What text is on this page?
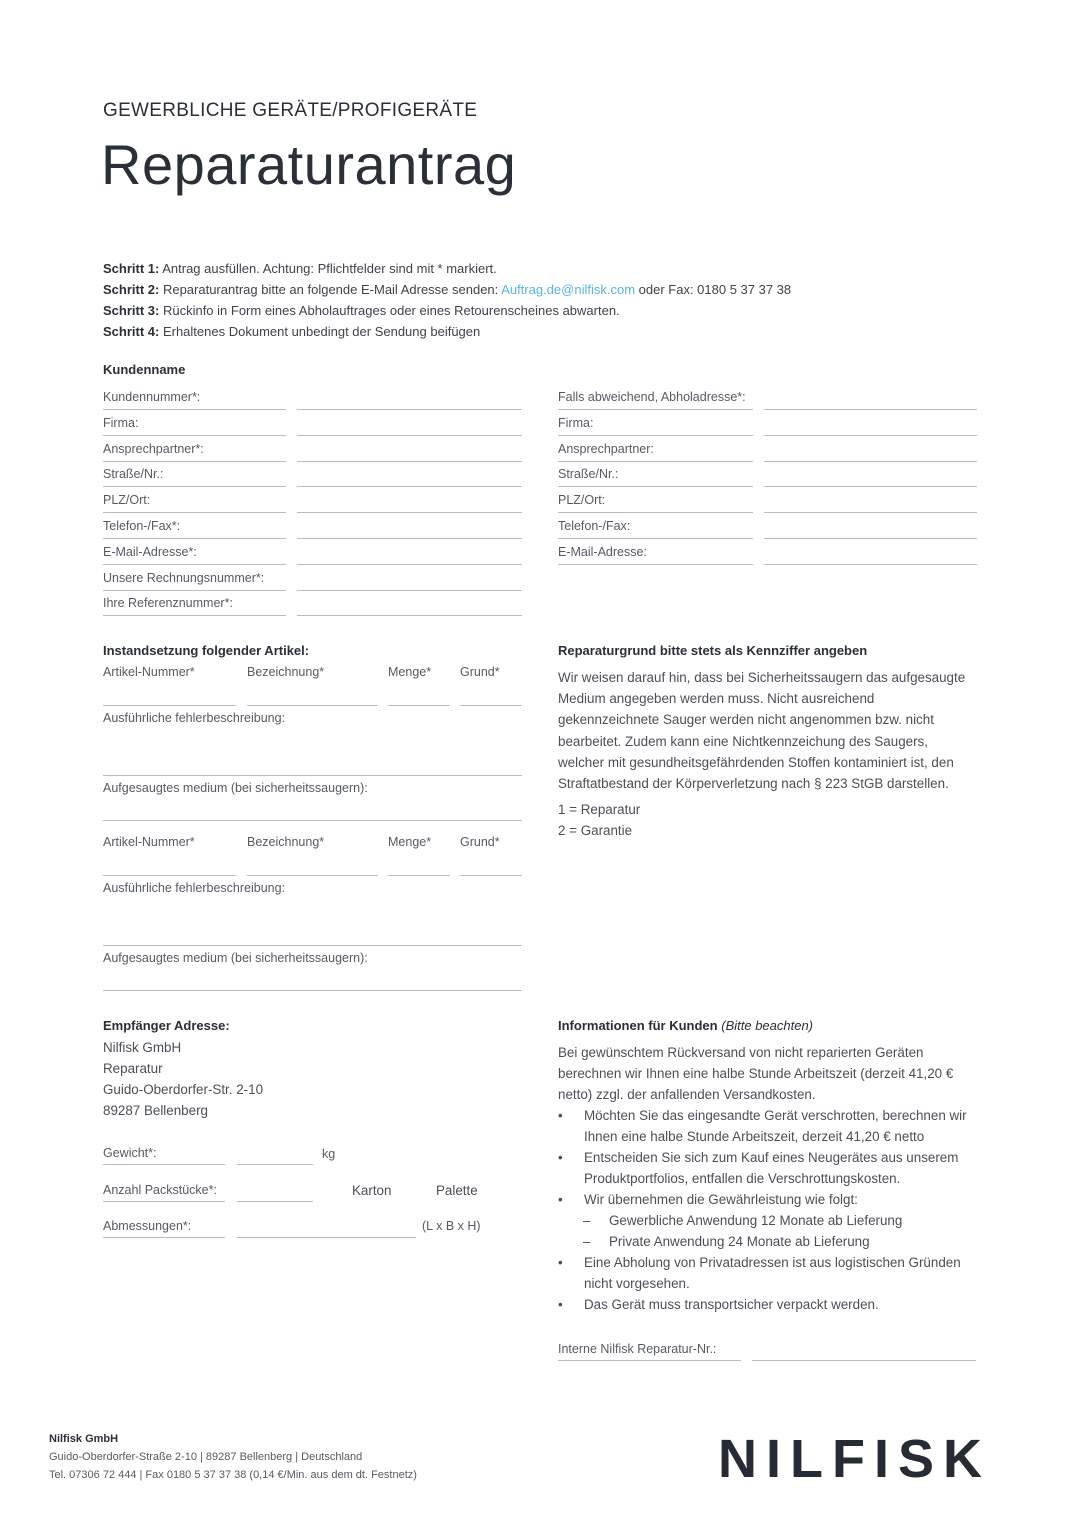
GEWERBLICHE GERÄTE/PROFIGERÄTE
Reparaturantrag
Schritt 1: Antrag ausfüllen. Achtung: Pflichtfelder sind mit * markiert.
Schritt 2: Reparaturantrag bitte an folgende E-Mail Adresse senden: Auftrag.de@nilfisk.com oder Fax: 0180 5 37 37 38
Schritt 3: Rückinfo in Form eines Abholauftrages oder eines Retourenscheines abwarten.
Schritt 4: Erhaltenes Dokument unbedingt der Sendung beifügen
Kundenname
Kundennummer*:
Firma:
Ansprechpartner*:
Straße/Nr.:
PLZ/Ort:
Telefon-/Fax*:
E-Mail-Adresse*:
Unsere Rechnungsnummer*:
Ihre Referenznummer*:
Falls abweichend, Abholadresse*:
Firma:
Ansprechpartner:
Straße/Nr.:
PLZ/Ort:
Telefon-/Fax:
E-Mail-Adresse:
Instandsetzung folgender Artikel:
Artikel-Nummer*	Bezeichnung*	Menge* Grund*
Ausführliche fehlerbeschreibung:
Aufgesaugtes medium (bei sicherheitssaugern):
Artikel-Nummer*	Bezeichnung*	Menge* Grund*
Ausführliche fehlerbeschreibung:
Aufgesaugtes medium (bei sicherheitssaugern):
Reparaturgrund bitte stets als Kennziffer angeben
Wir weisen darauf hin, dass bei Sicherheitssaugern das aufgesaugte Medium angegeben werden muss. Nicht ausreichend gekennzeichnete Sauger werden nicht angenommen bzw. nicht bearbeitet. Zudem kann eine Nichtkennzeichung des Saugers, welcher mit gesundheitsgefährdenden Stoffen kontaminiert ist, den Straftatbestand der Körperverletzung nach § 223 StGB darstellen.
1 = Reparatur
2 = Garantie
Empfänger Adresse:
Nilfisk GmbH
Reparatur
Guido-Oberdorfer-Str. 2-10
89287 Bellenberg
Gewicht*:	kg
Anzahl Packstücke*:	Karton	Palette
Abmessungen*:	(L x B x H)
Informationen für Kunden (Bitte beachten)
Bei gewünschtem Rückversand von nicht reparierten Geräten berechnen wir Ihnen eine halbe Stunde Arbeitszeit (derzeit 41,20 € netto) zzgl. der anfallenden Versandkosten.
• Möchten Sie das eingesandte Gerät verschrotten, berechnen wir Ihnen eine halbe Stunde Arbeitszeit, derzeit 41,20 € netto
• Entscheiden Sie sich zum Kauf eines Neugerätes aus unserem Produktportfolios, entfallen die Verschrottungskosten.
• Wir übernehmen die Gewährleistung wie folgt:
– Gewerbliche Anwendung 12 Monate ab Lieferung
– Private Anwendung 24 Monate ab Lieferung
• Eine Abholung von Privatadressen ist aus logistischen Gründen nicht vorgesehen.
• Das Gerät muss transportsicher verpackt werden.
Interne Nilfisk Reparatur-Nr.:
Nilfisk GmbH
Guido-Oberdorfer-Straße 2-10 | 89287 Bellenberg | Deutschland
Tel. 07306 72 444 | Fax 0180 5 37 37 38 (0,14 €/Min. aus dem dt. Festnetz)	NILFISK
